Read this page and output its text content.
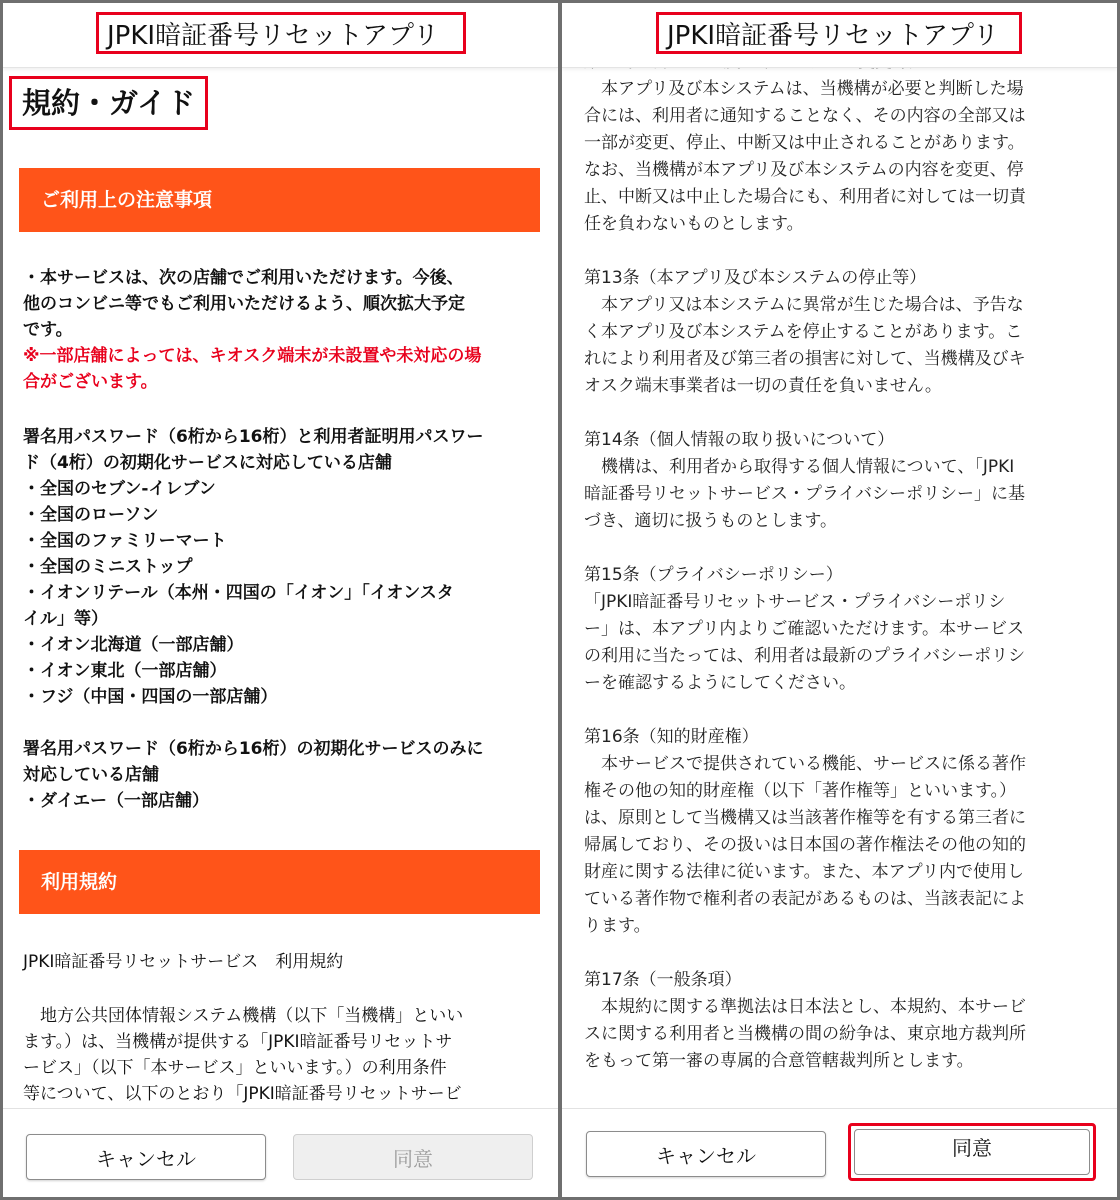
JPKI暗証番号リセットアプリ
規約・ガイド
ご利用上の注意事項
・本サービスは、次の店舗でご利用いただけます。今後、
他のコンビニ等でもご利用いただけるよう、順次拡大予定
です。
※一部店舗によっては、キオスク端末が未設置や未対応の場
合がございます。
署名用パスワード（6桁から16桁）と利用者証明用パスワー
ド（4桁）の初期化サービスに対応している店舗
・全国のセブン-イレブン
・全国のローソン
・全国のファミリーマート
・全国のミニストップ
・イオンリテール（本州・四国の「イオン」「イオンスタ
イル」等）
・イオン北海道（一部店舗）
・イオン東北（一部店舗）
・フジ（中国・四国の一部店舗）
署名用パスワード（6桁から16桁）の初期化サービスのみに
対応している店舗
・ダイエー（一部店舗）
利用規約
JPKI暗証番号リセットサービス　利用規約
　地方公共団体情報システム機構（以下「当機構」といい
ます。）は、当機構が提供する「JPKI暗証番号リセットサ
ービス」（以下「本サービス」といいます。）の利用条件
等について、以下のとおり「JPKI暗証番号リセットサービ
キャンセル	同意
　本アプリ及び本システムは、当機構が必要と判断した場
合には、利用者に通知することなく、その内容の全部又は
一部が変更、停止、中断又は中止されることがあります。
なお、当機構が本アプリ及び本システムの内容を変更、停
止、中断又は中止した場合にも、利用者に対しては一切責
任を負わないものとします。
第13条（本アプリ及び本システムの停止等）
　本アプリ又は本システムに異常が生じた場合は、予告な
く本アプリ及び本システムを停止することがあります。こ
れにより利用者及び第三者の損害に対して、当機構及びキ
オスク端末事業者は一切の責任を負いません。
第14条（個人情報の取り扱いについて）
　機構は、利用者から取得する個人情報について、「JPKI
暗証番号リセットサービス・プライバシーポリシー」に基
づき、適切に扱うものとします。
第15条（プライバシーポリシー）
「JPKI暗証番号リセットサービス・プライバシーポリシ
ー」は、本アプリ内よりご確認いただけます。本サービス
の利用に当たっては、利用者は最新のプライバシーポリシ
ーを確認するようにしてください。
第16条（知的財産権）
　本サービスで提供されている機能、サービスに係る著作
権その他の知的財産権（以下「著作権等」といいます。）
は、原則として当機構又は当該著作権等を有する第三者に
帰属しており、その扱いは日本国の著作権法その他の知的
財産に関する法律に従います。また、本アプリ内で使用し
ている著作物で権利者の表記があるものは、当該表記によ
ります。
第17条（一般条項）
　本規約に関する準拠法は日本法とし、本規約、本サービ
スに関する利用者と当機構の間の紛争は、東京地方裁判所
をもって第一審の専属的合意管轄裁判所とします。
JPKI暗証番号リセットアプリ
キャンセル	同意
